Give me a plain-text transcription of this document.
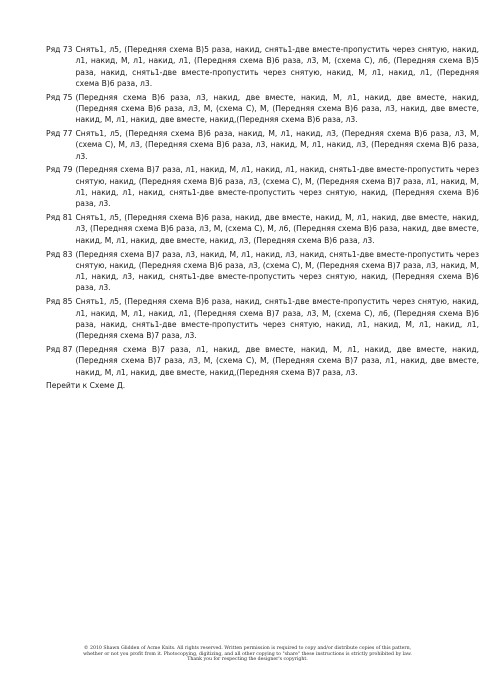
Ряд 73 Снять1, л5, (Передняя схема В)5 раза, накид, снять1-две вместе-пропустить через снятую, накид, л1, накид, М, л1, накид, л1, (Передняя схема В)6 раза, л3, М, (схема С), л6, (Передняя схема В)5 раза, накид, снять1-две вместе-пропустить через снятую, накид, М, л1, накид, л1, (Передняя схема В)6 раза, л3.
Ряд 75 (Передняя схема В)6 раза, л3, накид, две вместе, накид, М, л1, накид, две вместе, накид,(Передняя схема В)6 раза, л3, М, (схема С), М, (Передняя схема В)6 раза, л3, накид, две вместе, накид, М, л1, накид, две вместе, накид,(Передняя схема В)6 раза, л3.
Ряд 77 Снять1, л5, (Передняя схема В)6 раза, накид, М, л1, накид, л3, (Передняя схема В)6 раза, л3, М, (схема С), М, л3, (Передняя схема В)6 раза, л3, накид, М, л1, накид, л3, (Передняя схема В)6 раза, л3.
Ряд 79 (Передняя схема В)7 раза, л1, накид, М, л1, накид, л1, накид, снять1-две вместе-пропустить через снятую, накид, (Передняя схема В)6 раза, л3, (схема С), М, (Передняя схема В)7 раза, л1, накид, М, л1, накид, л1, накид, снять1-две вместе-пропустить через снятую, накид, (Передняя схема В)6 раза, л3.
Ряд 81 Снять1, л5, (Передняя схема В)6 раза, накид, две вместе, накид, М, л1, накид, две вместе, накид, л3, (Передняя схема В)6 раза, л3, М, (схема С), М, л6, (Передняя схема В)6 раза, накид, две вместе, накид, М, л1, накид, две вместе, накид, л3, (Передняя схема В)6 раза, л3.
Ряд 83 (Передняя схема В)7 раза, л3, накид, М, л1, накид, л3, накид, снять1-две вместе-пропустить через снятую, накид, (Передняя схема В)6 раза, л3, (схема С), М, (Передняя схема В)7 раза, л3, накид, М, л1, накид, л3, накид, снять1-две вместе-пропустить через снятую, накид, (Передняя схема В)6 раза, л3.
Ряд 85 Снять1, л5, (Передняя схема В)6 раза, накид, снять1-две вместе-пропустить через снятую, накид, л1, накид, М, л1, накид, л1, (Передняя схема В)7 раза, л3, М, (схема С), л6, (Передняя схема В)6 раза, накид, снять1-две вместе-пропустить через снятую, накид, л1, накид, М, л1, накид, л1, (Передняя схема В)7 раза, л3.
Ряд 87 (Передняя схема В)7 раза, л1, накид, две вместе, накид, М, л1, накид, две вместе, накид,(Передняя схема В)7 раза, л3, М, (схема С), М, (Передняя схема В)7 раза, л1, накид, две вместе, накид, М, л1, накид, две вместе, накид,(Передняя схема В)7 раза, л3.
Перейти к Схеме Д.
© 2010 Shawn Glidden of Acme Knits. All rights reserved. Written permission is required to copy and/or distribute copies of this pattern,
whether or not you profit from it. Photocopying, digitizing, and all other copying to "share" these instructions is strictly prohibited by law.
Thank you for respecting the designer's copyright.
